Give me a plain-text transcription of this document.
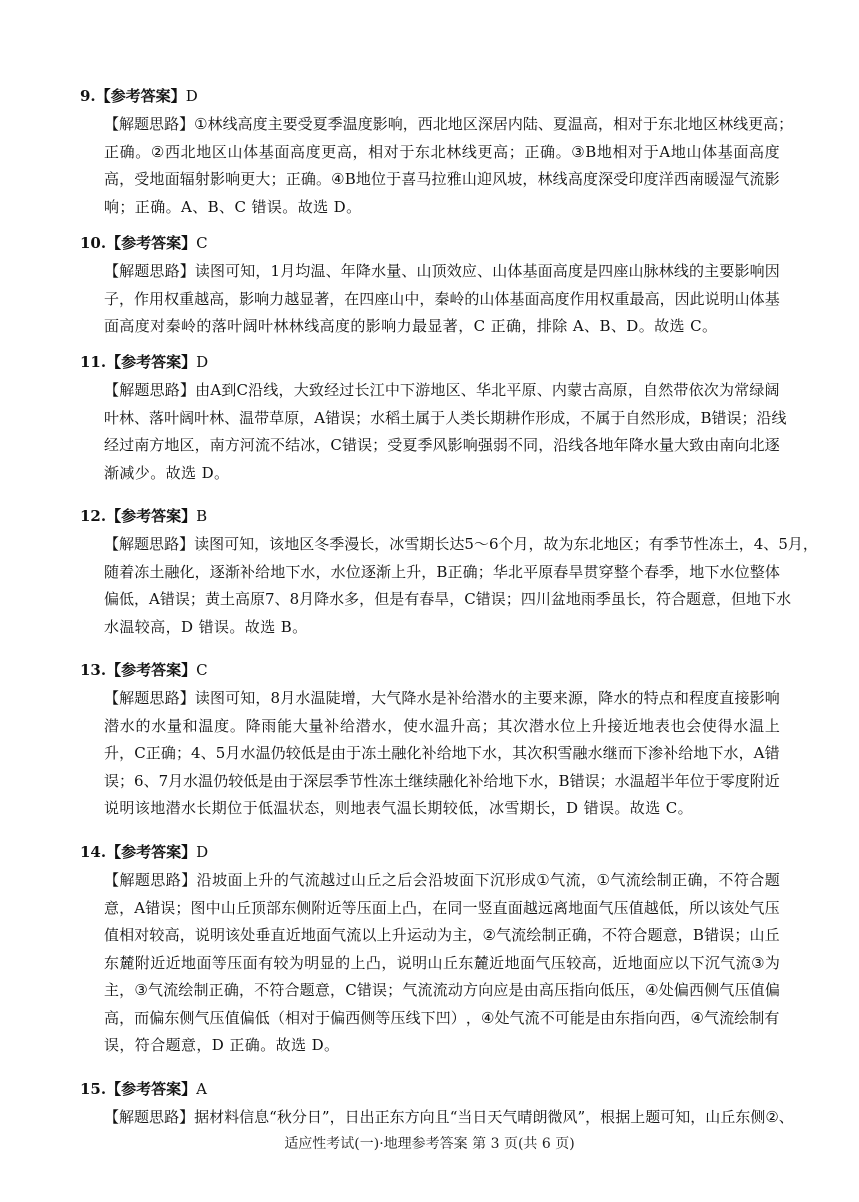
9.【参考答案】D
【 解 题 思 路 】 ① 林 线 高 度 主 要 受 夏 季 温 度 影 响 ， 西 北 地 区 深 居 内 陆 、 夏 温 高 ， 相 对 于 东 北 地 区 林 线 更 高 ；
正 确 。 ② 西 北 地 区 山 体 基 面 高 度 更 高 ， 相 对 于 东 北 林 线 更 高 ； 正 确 。 ③ B 地 相 对 于 A 地 山 体 基 面 高 度
高 ， 受 地 面 辐 射 影 响 更 大 ； 正 确 。 ④ B 地 位 于 喜 马 拉 雅 山 迎 风 坡 ， 林 线 高 度 深 受 印 度 洋 西 南 暖 湿 气 流 影
响；正确。A、B、C 错误。故选 D。
10.【参考答案】C
【 解 题 思 路 】 读 图 可 知 ， 1 月 均 温 、 年 降 水 量 、 山 顶 效 应 、 山 体 基 面 高 度 是 四 座 山 脉 林 线 的 主 要 影 响 因
子 ， 作 用 权 重 越 高 ， 影 响 力 越 显 著 ， 在 四 座 山 中 ， 秦 岭 的 山 体 基 面 高 度 作 用 权 重 最 高 ， 因 此 说 明 山 体 基
面高度对秦岭的落叶阔叶林林线高度的影响力最显著，C 正确，排除 A、B、D。故选 C。
11.【参考答案】D
【 解 题 思 路 】 由 A 到 C 沿 线 ， 大 致 经 过 长 江 中 下 游 地 区 、 华 北 平 原 、 内 蒙 古 高 原 ， 自 然 带 依 次 为 常 绿 阔
叶 林 、 落 叶 阔 叶 林 、 温 带 草 原 ， A 错 误 ； 水 稻 土 属 于 人 类 长 期 耕 作 形 成 ， 不 属 于 自 然 形 成 ， B 错 误 ； 沿 线
经 过 南 方 地 区 ， 南 方 河 流 不 结 冰 ， C 错 误 ； 受 夏 季 风 影 响 强 弱 不 同 ， 沿 线 各 地 年 降 水 量 大 致 由 南 向 北 逐
渐减少。故选 D。
12.【参考答案】B
【 解 题 思 路 】 读 图 可 知 ， 该 地 区 冬 季 漫 长 ， 冰 雪 期 长 达 5 ～ 6 个 月 ， 故 为 东 北 地 区 ； 有 季 节 性 冻 土 ， 4 、 5 月 ，
随 着 冻 土 融 化 ， 逐 渐 补 给 地 下 水 ， 水 位 逐 渐 上 升 ， B 正 确 ； 华 北 平 原 春 旱 贯 穿 整 个 春 季 ， 地 下 水 位 整 体
偏 低 ， A 错 误 ； 黄 土 高 原 7 、 8 月 降 水 多 ， 但 是 有 春 旱 ， C 错 误 ； 四 川 盆 地 雨 季 虽 长 ， 符 合 题 意 ， 但 地 下 水
水温较高，D 错误。故选 B。
13.【参考答案】C
【 解 题 思 路 】 读 图 可 知 ， 8 月 水 温 陡 增 ， 大 气 降 水 是 补 给 潜 水 的 主 要 来 源 ， 降 水 的 特 点 和 程 度 直 接 影 响
潜 水 的 水 量 和 温 度 。 降 雨 能 大 量 补 给 潜 水 ， 使 水 温 升 高 ； 其 次 潜 水 位 上 升 接 近 地 表 也 会 使 得 水 温 上
升 ， C 正 确 ； 4 、 5 月 水 温 仍 较 低 是 由 于 冻 土 融 化 补 给 地 下 水 ， 其 次 积 雪 融 水 继 而 下 渗 补 给 地 下 水 ， A 错
误 ； 6 、 7 月 水 温 仍 较 低 是 由 于 深 层 季 节 性 冻 土 继 续 融 化 补 给 地 下 水 ， B 错 误 ； 水 温 超 半 年 位 于 零 度 附 近
说明该地潜水长期位于低温状态，则地表气温长期较低，冰雪期长，D 错误。故选 C。
14.【参考答案】D
【 解 题 思 路 】 沿 坡 面 上 升 的 气 流 越 过 山 丘 之 后 会 沿 坡 面 下 沉 形 成 ① 气 流 ， ① 气 流 绘 制 正 确 ， 不 符 合 题
意 ， A 错 误 ； 图 中 山 丘 顶 部 东 侧 附 近 等 压 面 上 凸 ， 在 同 一 竖 直 面 越 远 离 地 面 气 压 值 越 低 ， 所 以 该 处 气 压
值 相 对 较 高 ， 说 明 该 处 垂 直 近 地 面 气 流 以 上 升 运 动 为 主 ， ② 气 流 绘 制 正 确 ， 不 符 合 题 意 ， B 错 误 ； 山 丘
东 麓 附 近 近 地 面 等 压 面 有 较 为 明 显 的 上 凸 ， 说 明 山 丘 东 麓 近 地 面 气 压 较 高 ， 近 地 面 应 以 下 沉 气 流 ③ 为
主 ， ③ 气 流 绘 制 正 确 ， 不 符 合 题 意 ， C 错 误 ； 气 流 流 动 方 向 应 是 由 高 压 指 向 低 压 ， ④ 处 偏 西 侧 气 压 值 偏
高 ， 而 偏 东 侧 气 压 值 偏 低 （ 相 对 于 偏 西 侧 等 压 线 下 凹 ） ， ④ 处 气 流 不 可 能 是 由 东 指 向 西 ， ④ 气 流 绘 制 有
误，符合题意，D 正确。故选 D。
15.【参考答案】A
【 解 题 思 路 】 据 材 料 信 息 “ 秋 分 日 ” ， 日 出 正 东 方 向 且 “ 当 日 天 气 晴 朗 微 风 ” ， 根 据 上 题 可 知 ， 山 丘 东 侧 ② 、
适应性考试(一)·地理参考答案 第 3 页(共 6 页)
